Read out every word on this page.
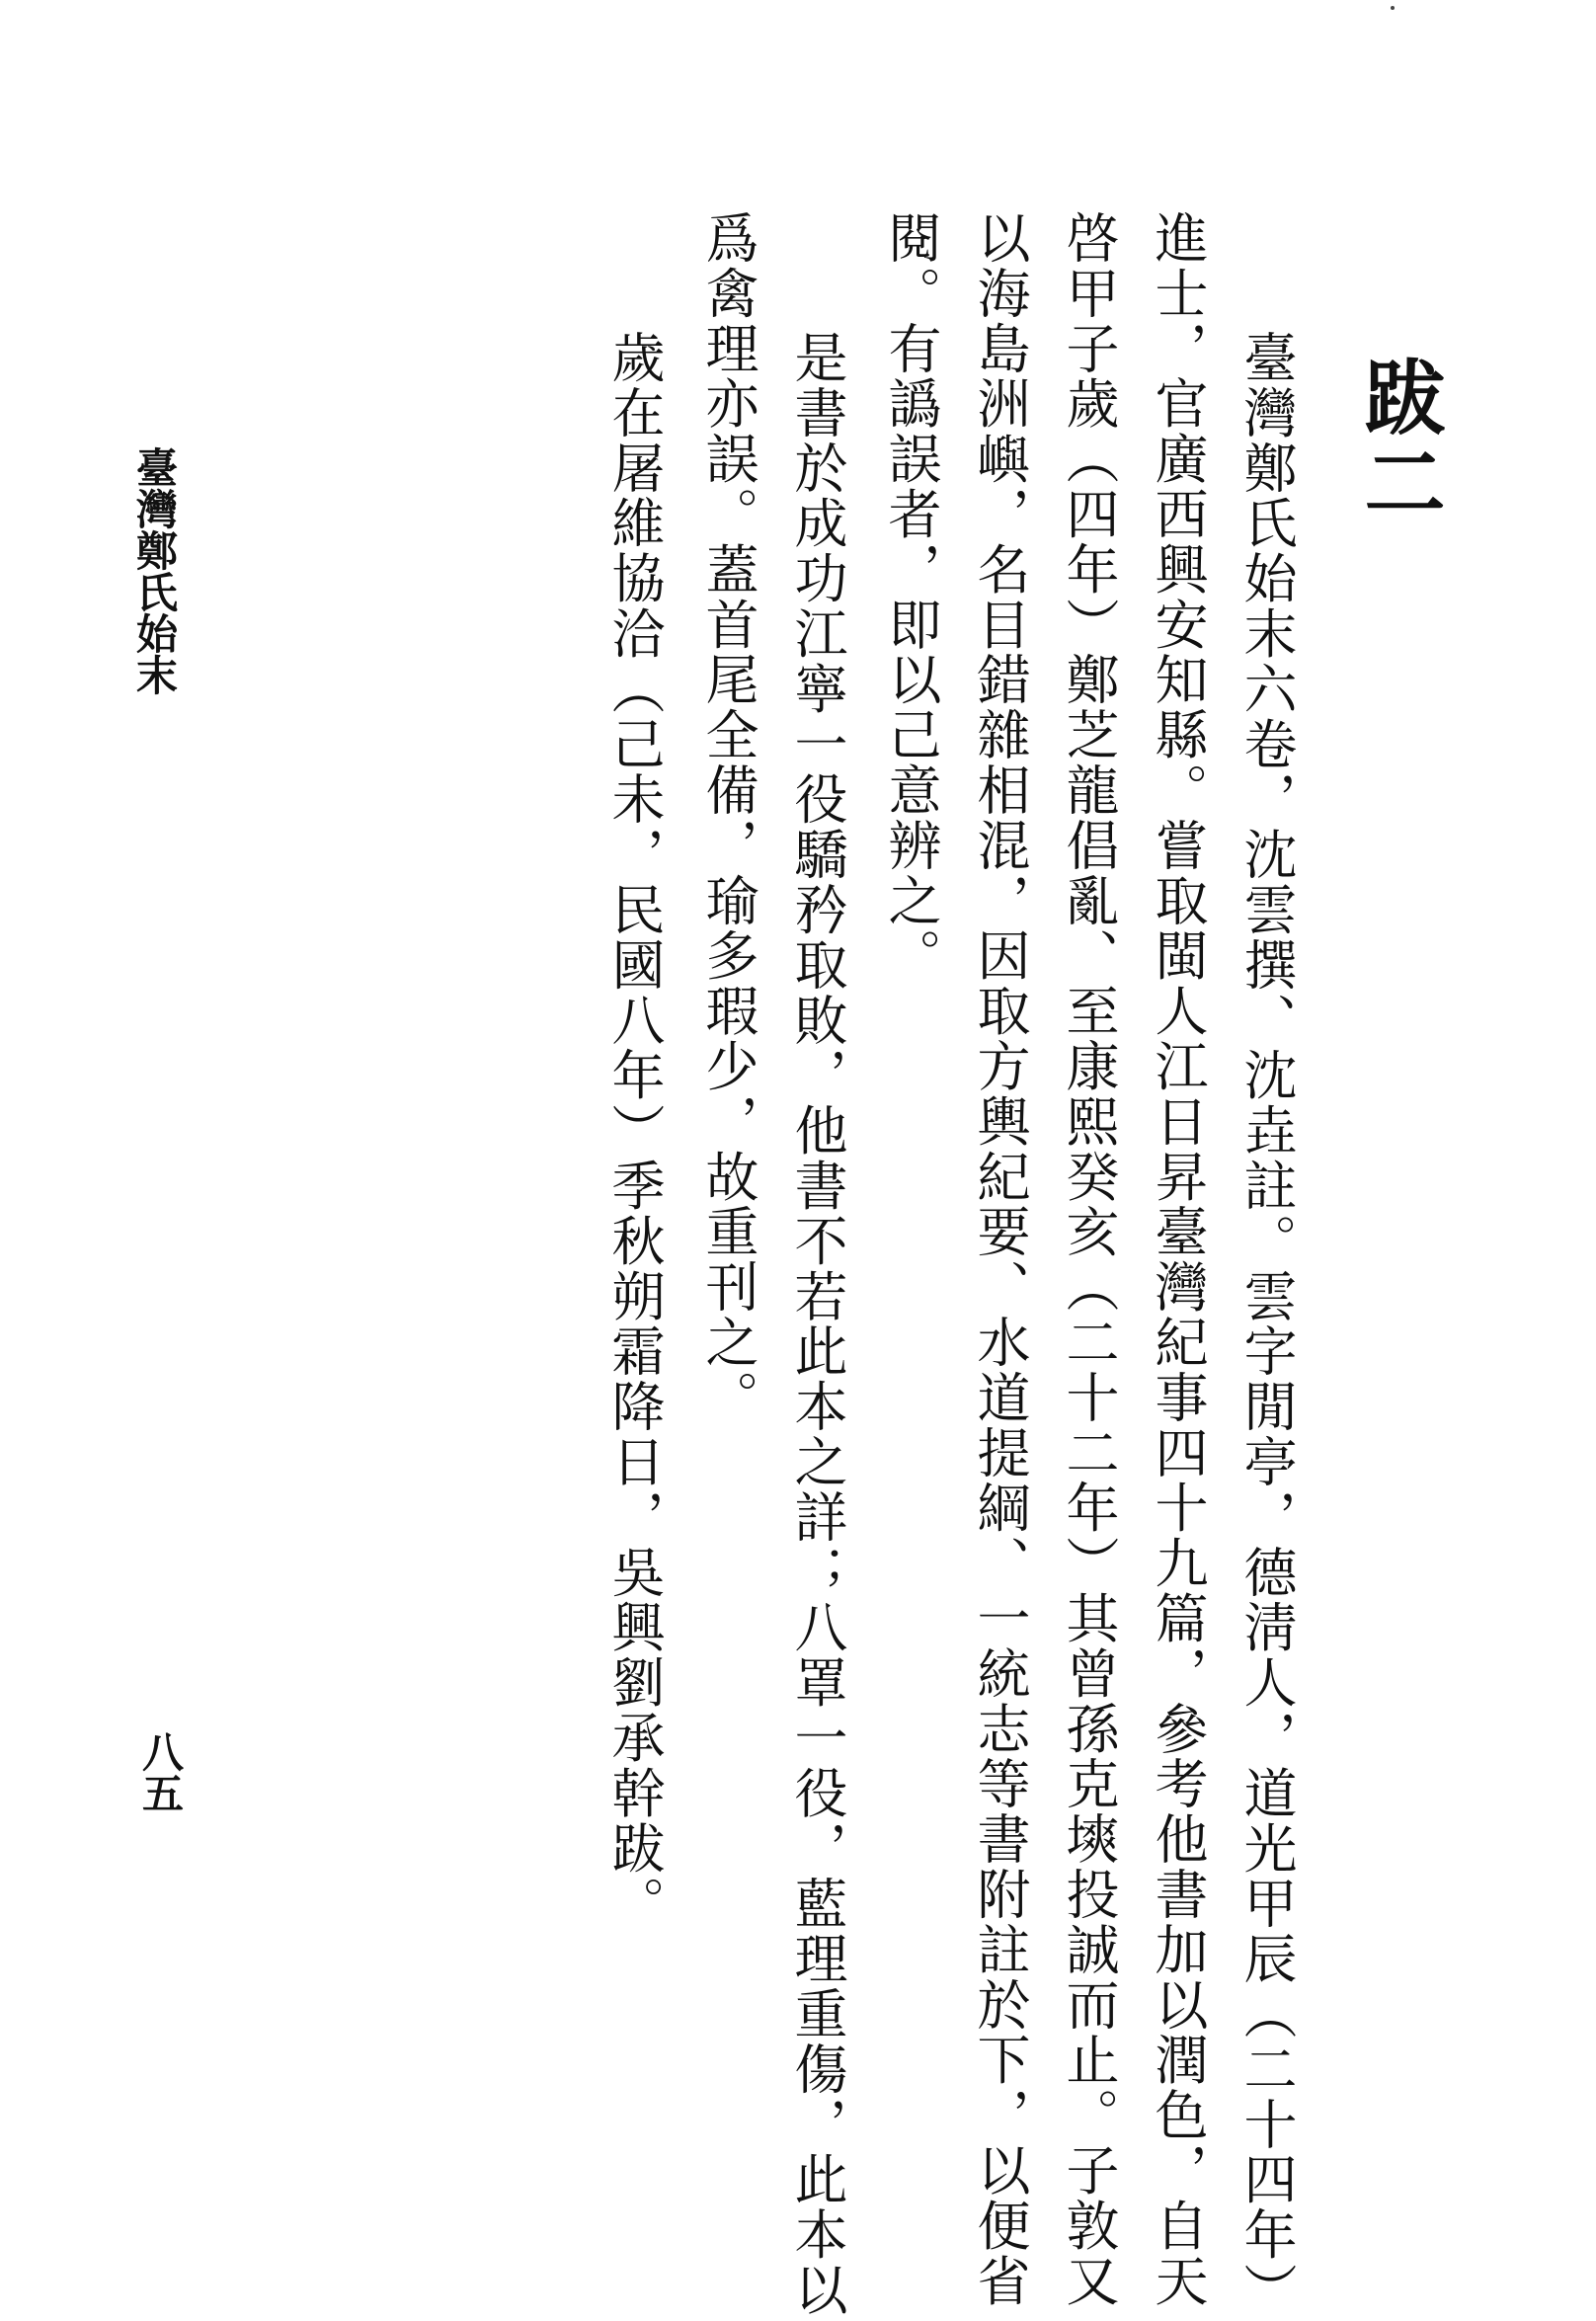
跋二

臺灣鄭氏始末六卷，沈雲撰、沈垚註。雲字閒亭，德淸人，道光甲辰（二十四年）

進士，官廣西興安知縣。嘗取閩人江日昇臺灣紀事四十九篇，參考他書加以潤色，自天

啓甲子歲（四年）鄭芝龍倡亂、至康熙癸亥（二十二年）其曾孫克塽投誠而止。子敦又

以海島洲嶼，名目錯雜相混，因取方輿紀要、水道提綱、一統志等書附註於下，以便省

閱。有譌誤者，即以己意辨之。

是書於成功江寧一役驕矜取敗，他書不若此本之詳；八罩一役，藍理重傷，此本以

爲禽理亦誤。蓋首尾全備，瑜多瑕少，故重刊之。

歲在屠維協洽（己未，民國八年）季秋朔霜降日，吳興劉承幹跋。

臺灣鄭氏始末

八五
